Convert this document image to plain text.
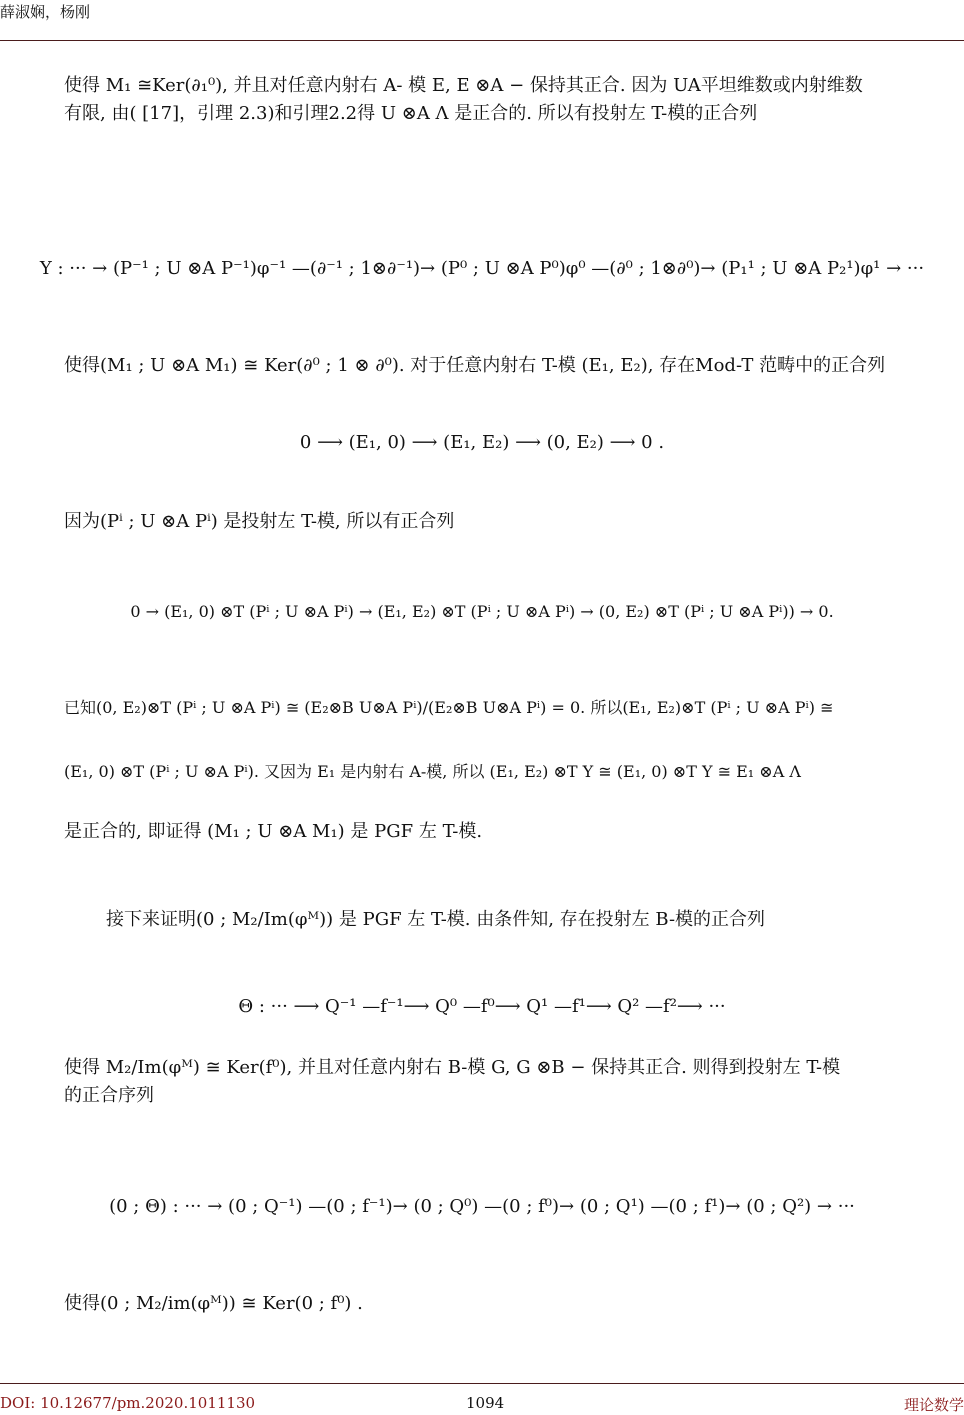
薛淑娴，杨刚
使得 M₁ ≅Ker(∂₁⁰), 并且对任意内射右 A- 模 E, E ⊗A − 保持其正合. 因为 UA平坦维数或内射维数
有限, 由( [17]，引理 2.3)和引理2.2得 U ⊗A Λ 是正合的. 所以有投射左 T-模的正合列
Υ : ··· → (P⁻¹ ; U ⊗A P⁻¹)φ⁻¹ —(∂⁻¹ ; 1⊗∂⁻¹)→ (P⁰ ; U ⊗A P⁰)φ⁰ —(∂⁰ ; 1⊗∂⁰)→ (P₁¹ ; U ⊗A P₂¹)φ¹ → ···
使得(M₁ ; U ⊗A M₁) ≅ Ker(∂⁰ ; 1 ⊗ ∂⁰). 对于任意内射右 T-模 (E₁, E₂), 存在Mod-T 范畴中的正合列
0 ⟶ (E₁, 0) ⟶ (E₁, E₂) ⟶ (0, E₂) ⟶ 0 .
因为(Pⁱ ; U ⊗A Pⁱ) 是投射左 T-模, 所以有正合列
0 → (E₁, 0) ⊗T (Pⁱ ; U ⊗A Pⁱ) → (E₁, E₂) ⊗T (Pⁱ ; U ⊗A Pⁱ) → (0, E₂) ⊗T (Pⁱ ; U ⊗A Pⁱ)) → 0.
已知(0, E₂)⊗T (Pⁱ ; U ⊗A Pⁱ) ≅ (E₂⊗B U⊗A Pⁱ)/(E₂⊗B U⊗A Pⁱ) = 0. 所以(E₁, E₂)⊗T (Pⁱ ; U ⊗A Pⁱ) ≅
(E₁, 0) ⊗T (Pⁱ ; U ⊗A Pⁱ). 又因为 E₁ 是内射右 A-模, 所以 (E₁, E₂) ⊗T Υ ≅ (E₁, 0) ⊗T Υ ≅ E₁ ⊗A Λ
是正合的, 即证得 (M₁ ; U ⊗A M₁) 是 PGF 左 T-模.
接下来证明(0 ; M₂/Im(φᴹ)) 是 PGF 左 T-模. 由条件知, 存在投射左 B-模的正合列
Θ : ··· ⟶ Q⁻¹ —f⁻¹⟶ Q⁰ —f⁰⟶ Q¹ —f¹⟶ Q² —f²⟶ ···
使得 M₂/Im(φᴹ) ≅ Ker(f⁰), 并且对任意内射右 B-模 G, G ⊗B − 保持其正合. 则得到投射左 T-模
的正合序列
(0 ; Θ) : ··· → (0 ; Q⁻¹) —(0 ; f⁻¹)→ (0 ; Q⁰) —(0 ; f⁰)→ (0 ; Q¹) —(0 ; f¹)→ (0 ; Q²) → ···
使得(0 ; M₂/im(φᴹ)) ≅ Ker(0 ; f⁰) .
DOI: 10.12677/pm.2020.1011130	1094	理论数学
